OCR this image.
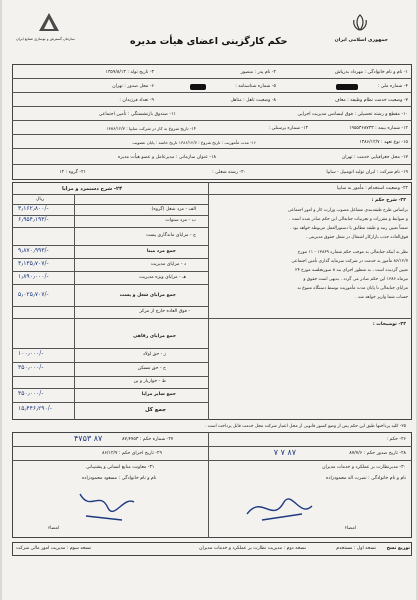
جمهوری اسلامی ایران
سازمان گسترش و نوسازی صنایع ایران	حکم کارگزینی اعضای هیأت مدیره
۱- نام و نام خانوادگی : مهرداد بذرپاش
۲- نام پدر : منصور
۳- تاریخ تولد : ۱۳۵۹/۸/۱۳
۴- شماره ملی :
۵- شماره شناسنامه :
۶- محل صدور : تهران
۷- وضعیت خدمت نظام وظیفه : معاف
۸- وضعیت تاهل : متاهل
۹- تعداد فرزندان :
۱۰- مقطع و رشته تحصیلی : فوق لیسانس مدیریت اجرایی
۱۱- صندوق بازنشستگی : تأمین اجتماعی
۱۲- شماره بیمه : ۱۹۵۵۳۶۸۷۳۳
۱۳- شماره پرسنلی :
۱۴- تاریخ شروع به کار در شرکت سایپا : ۱۳۸۶/۱۲/۷
۱۵- نوع تعهد : ۱۳۸۶/۱۲/۷
۱۶- مدت مأموریت : تاریخ شروع : ۱۳۸۶/۱۲/۷ تاریخ خاتمه : پایان عضویت
۱۷- محل جغرافیایی خدمت : تهران
۱۸- عنوان سازمانی : مدیرعامل و عضو هیأت مدیره
۱۹- نام شرکت : ایران تولید اتومبیل - سایپا
۲۰- رشته شغلی :
۲۱- گروه : ۱۲
۲۲- وضعیت استخدام : مأمور به سایپا
۲۲- شرح حکم :
براساس طرح طبقه‌بندی مشاغل مصوب وزارت کار و امور اجتماعی
و ضوابط و مقررات و تجربیات جنابعالی این حکم صادر شده است .
ضمناً تعیین رتبه و طبقه مطابق با دستورالعمل مربوطه خواهد بود .
فوق‌العاده جذب بازارکار اشتغال در شغل حقوق مدیریتی .
نظر به اینکه جنابعالی به موجب حکم شماره ۱۳۸۶۹ - ۱۱ مورخ
۸۶/۱۲/۷ مأمور به خدمت در شرکت سرمایه گذاری تأمین اجتماعی
تعیین گردیده است ، به منظور اجرای بند ۸ صورتجلسه مورخ ۲۴
تیرماه ۱۳۸۶ این حکم صادر می گردد . بدیهی است حقوق و
مزایای جنابعالی تا پایان مدت مأموریت توسط دستگاه متبوع به
حساب شما واریز خواهد شد .
۲۳- توضیحات :
۲۴- شرح دستمزد و مزایا
ریال
الف - مزد شغل (گروه)
۳٫۱۶۲٫۸۰۰/-
ب - مزد سنوات
۶٫۹۵۴٫۱۹۳/-
ج - مزایای ماندگاری پست
جمع مزد مبنا
۹٫۸۷۰٫۹۹۳/-
د - مزایای مدیریت
۳٫۱۳۵٫۷۰۷/-
هـ - مزایای ویژه مدیریت
۱٫۸۹۰٫۰۰۰/-
جمع مزایای شغل و پست
۵٫۰۲۵٫۷۰۷/-
- فوق العاده خارج از مرکز
جمع مزایای رفاهی
ز - حق اولاد
۱۰۰٫۰۰۰/-
ح - حق مسکن
۳۵۰٫۰۰۰/-
ط - خواربار و بن
جمع سایر مزایا
۴۵۰٫۰۰۰/-
جمع کل
۱۵٫۴۴۶٫۲۹۰/-
۲۵- کلیه پرداختها طبق این حکم پس از وضع کسور قانونی از محل اعتبار شرکت محل خدمت قابل پرداخت است .
۲۶- حکم :
۸۷ ۴۷۵۳	۲۷- شماره حکم : ۸۷٫۴۷۵۳
۲۸- تاریخ صدور حکم : ۸۷/۷/۶
۸۷ ۷ ۷
۲۹- تاریخ اجرای حکم : ۸۶/۱۲/۷
۳۰- مدیرنظارت بر عملکرد و خدمات مدیران
۳۱- معاونت منابع انسانی و پشتیبانی
نام و نام خانوادگی : نصرت اله محمودزاده
نام و نام خانوادگی : مسعود محمودزاده
امضاء
امضاء
توزیع نسخ
نسخه اول : مستخدم
نسخه دوم : مدیریت نظارت بر عملکرد و خدمات مدیران
نسخه سوم : مدیریت امور مالی شرکت
